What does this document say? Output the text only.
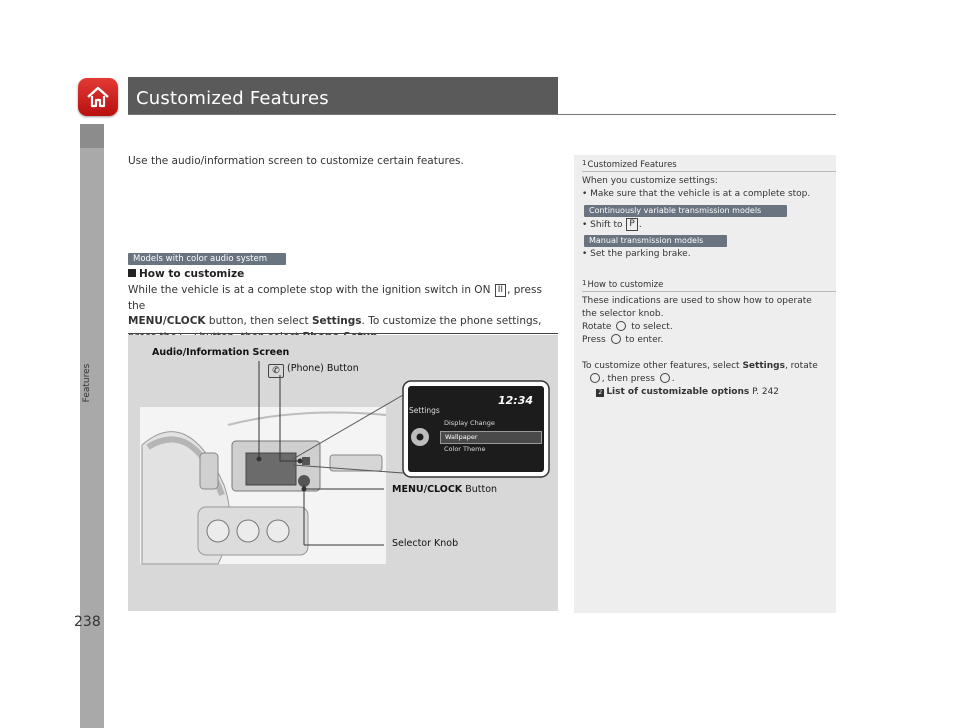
Features
238
Customized Features
Use the audio/information screen to customize certain features.
Models with color audio system
How to customize
While the vehicle is at a complete stop with the ignition switch in ON II , press the
MENU/CLOCK button, then select Settings. To customize the phone settings,

Audio/Information Screen
✆ (Phone) Button
MENU/CLOCK Button
Selector Knob
12:34
Settings
Display Change
Wallpaper
Color Theme
$^1$Customized Features
When you customize settings:
• Make sure that the vehicle is at a complete stop.
Continuously variable transmission models
• Shift to P .
Manual transmission models
• Set the parking brake.
$^1$How to customize
These indications are used to show how to operate
the selector knob.
Rotate  to select.
Press  to enter.

To customize other features, select Settings, rotate
, then press .
2 List of customizable options P. 242
